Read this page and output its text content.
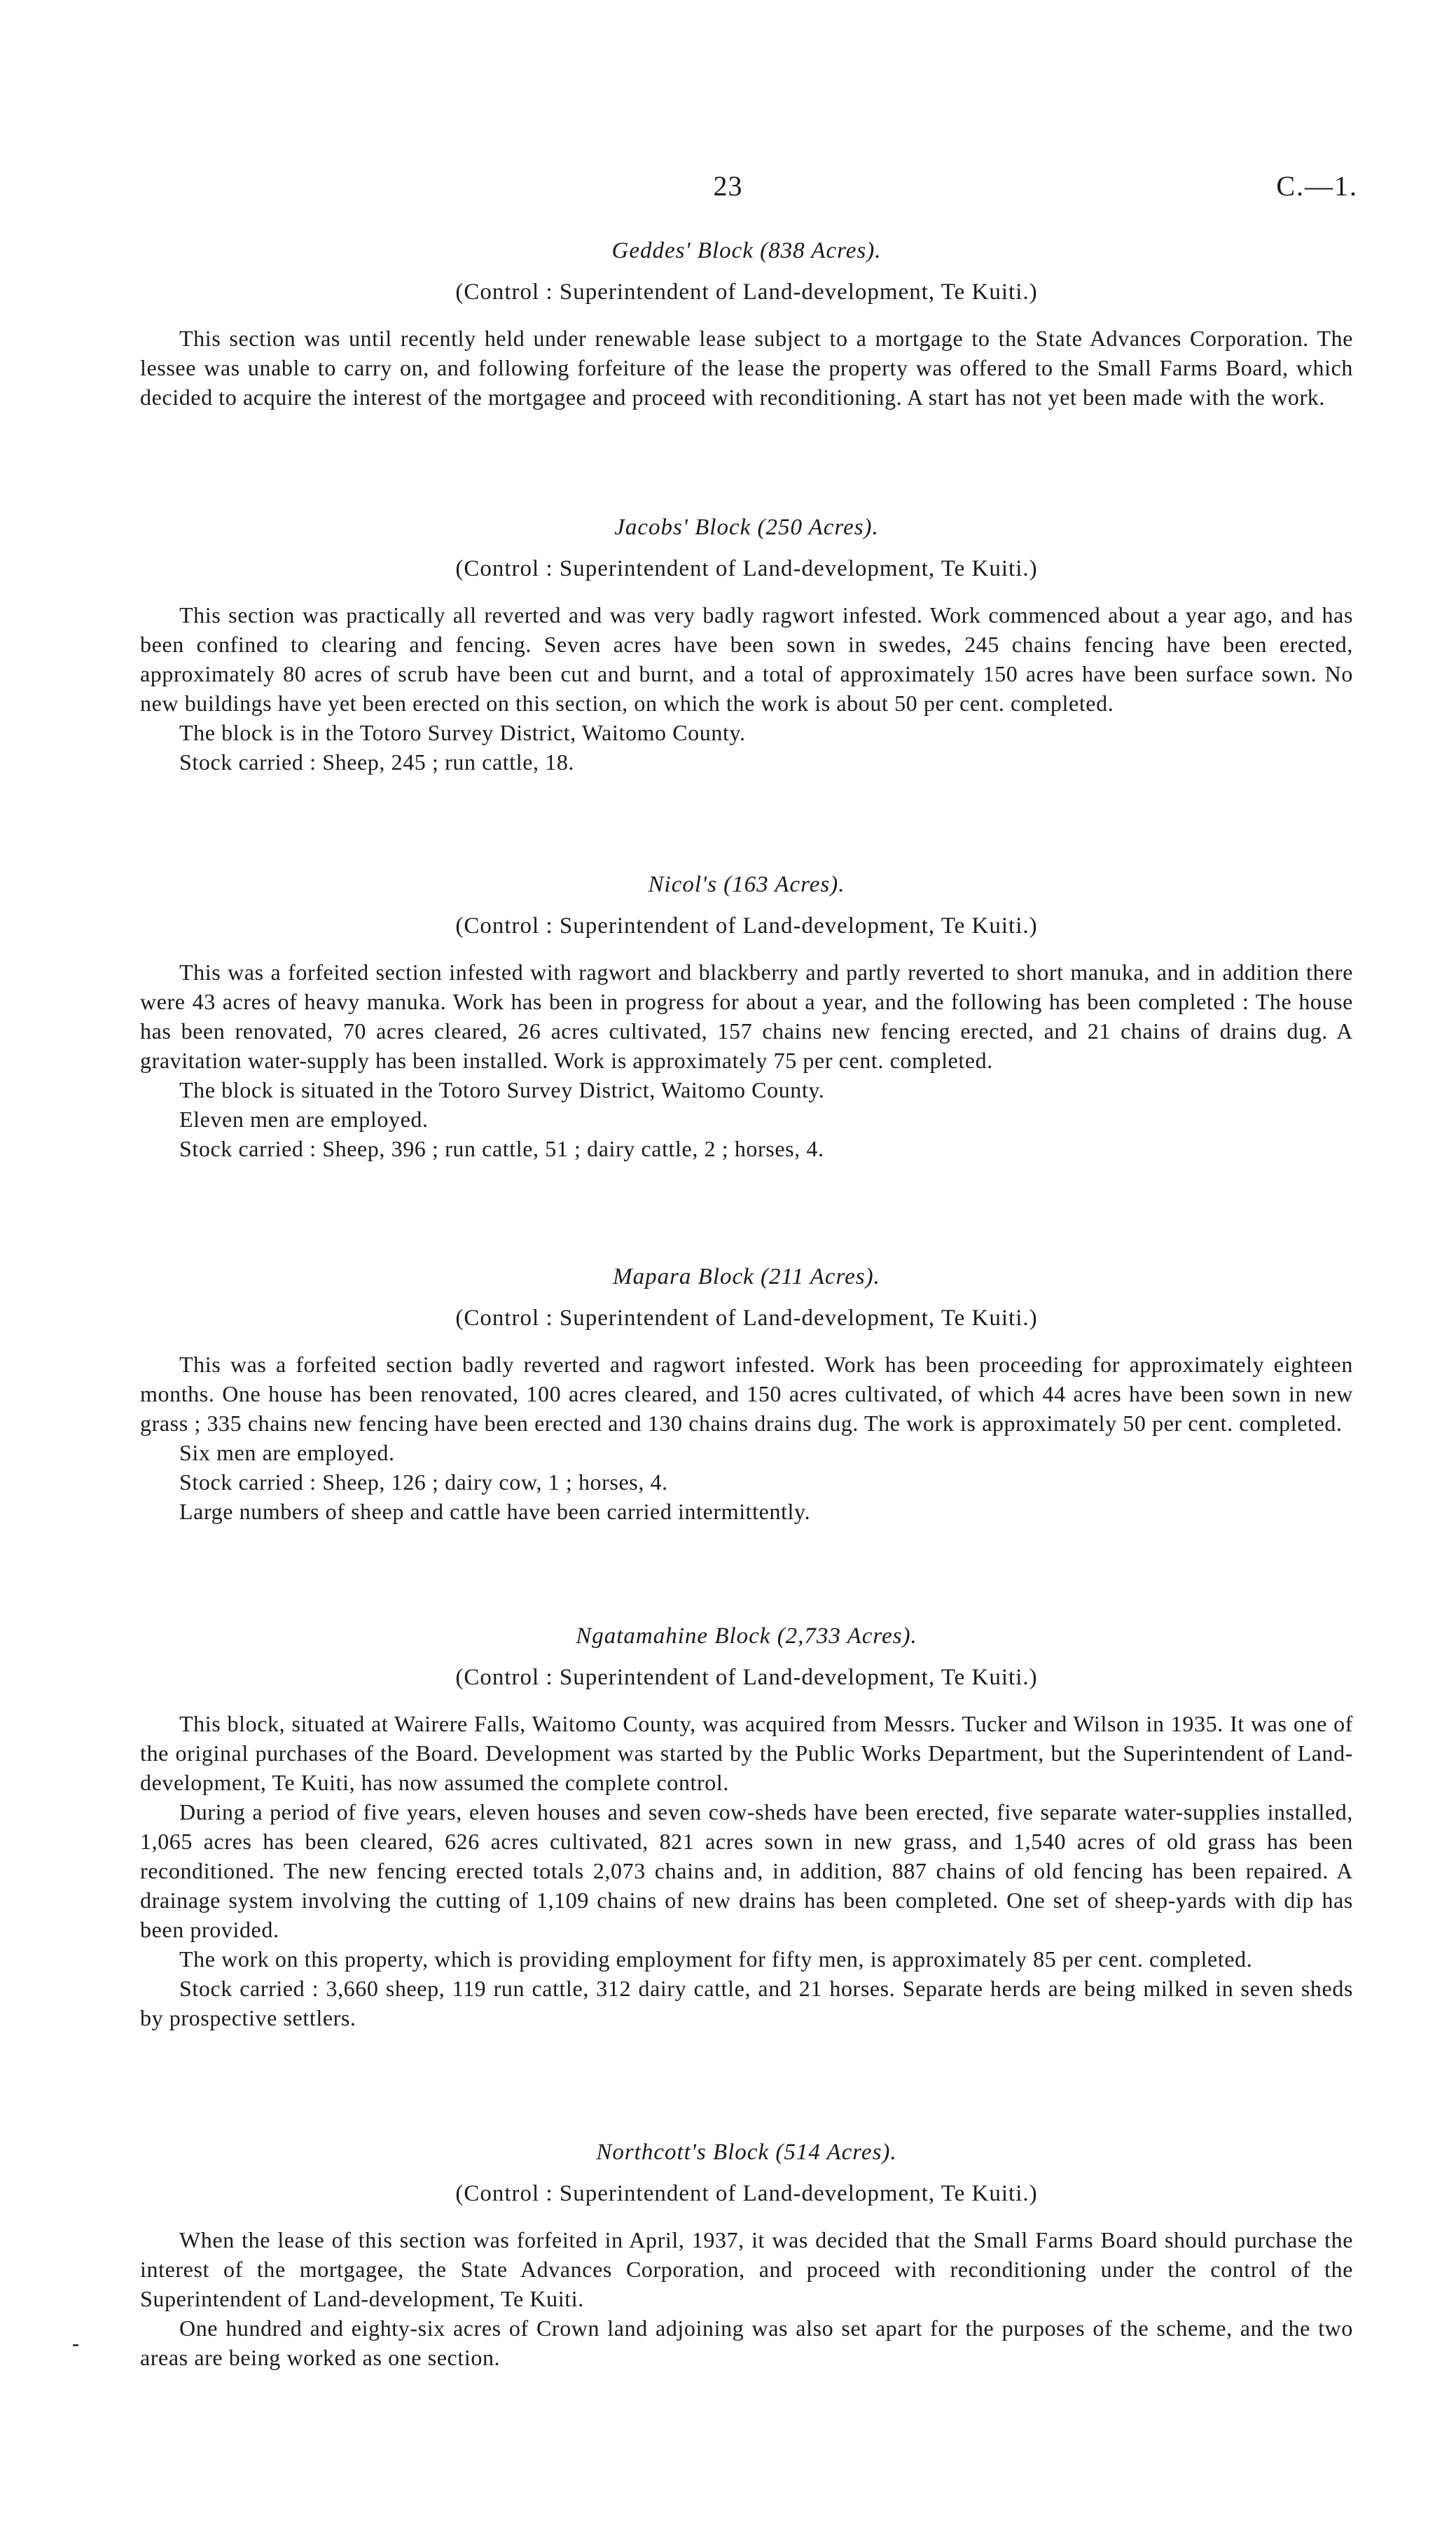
23	C.—1.
Geddes' Block (838 Acres).
(Control : Superintendent of Land-development, Te Kuiti.)

This section was until recently held under renewable lease subject to a mortgage to the State Advances Corporation. The lessee was unable to carry on, and following forfeiture of the lease the property was offered to the Small Farms Board, which decided to acquire the interest of the mortgagee and proceed with reconditioning. A start has not yet been made with the work.

Jacobs' Block (250 Acres).
(Control : Superintendent of Land-development, Te Kuiti.)

This section was practically all reverted and was very badly ragwort infested. Work commenced about a year ago, and has been confined to clearing and fencing. Seven acres have been sown in swedes, 245 chains fencing have been erected, approximately 80 acres of scrub have been cut and burnt, and a total of approximately 150 acres have been surface sown. No new buildings have yet been erected on this section, on which the work is about 50 per cent. completed.

The block is in the Totoro Survey District, Waitomo County.

Stock carried : Sheep, 245 ; run cattle, 18.

Nicol's (163 Acres).
(Control : Superintendent of Land-development, Te Kuiti.)

This was a forfeited section infested with ragwort and blackberry and partly reverted to short manuka, and in addition there were 43 acres of heavy manuka. Work has been in progress for about a year, and the following has been completed : The house has been renovated, 70 acres cleared, 26 acres cultivated, 157 chains new fencing erected, and 21 chains of drains dug. A gravitation water-supply has been installed. Work is approximately 75 per cent. completed.

The block is situated in the Totoro Survey District, Waitomo County.

Eleven men are employed.

Stock carried : Sheep, 396 ; run cattle, 51 ; dairy cattle, 2 ; horses, 4.

Mapara Block (211 Acres).
(Control : Superintendent of Land-development, Te Kuiti.)

This was a forfeited section badly reverted and ragwort infested. Work has been proceeding for approximately eighteen months. One house has been renovated, 100 acres cleared, and 150 acres cultivated, of which 44 acres have been sown in new grass ; 335 chains new fencing have been erected and 130 chains drains dug. The work is approximately 50 per cent. completed.

Six men are employed.

Stock carried : Sheep, 126 ; dairy cow, 1 ; horses, 4.

Large numbers of sheep and cattle have been carried intermittently.

Ngatamahine Block (2,733 Acres).
(Control : Superintendent of Land-development, Te Kuiti.)

This block, situated at Wairere Falls, Waitomo County, was acquired from Messrs. Tucker and Wilson in 1935. It was one of the original purchases of the Board. Development was started by the Public Works Department, but the Superintendent of Land-development, Te Kuiti, has now assumed the complete control.

During a period of five years, eleven houses and seven cow-sheds have been erected, five separate water-supplies installed, 1,065 acres has been cleared, 626 acres cultivated, 821 acres sown in new grass, and 1,540 acres of old grass has been reconditioned. The new fencing erected totals 2,073 chains and, in addition, 887 chains of old fencing has been repaired. A drainage system involving the cutting of 1,109 chains of new drains has been completed. One set of sheep-yards with dip has been provided.

The work on this property, which is providing employment for fifty men, is approximately 85 per cent. completed.

Stock carried : 3,660 sheep, 119 run cattle, 312 dairy cattle, and 21 horses. Separate herds are being milked in seven sheds by prospective settlers.

Northcott's Block (514 Acres).
(Control : Superintendent of Land-development, Te Kuiti.)

When the lease of this section was forfeited in April, 1937, it was decided that the Small Farms Board should purchase the interest of the mortgagee, the State Advances Corporation, and proceed with reconditioning under the control of the Superintendent of Land-development, Te Kuiti.

One hundred and eighty-six acres of Crown land adjoining was also set apart for the purposes of the scheme, and the two areas are being worked as one section.
